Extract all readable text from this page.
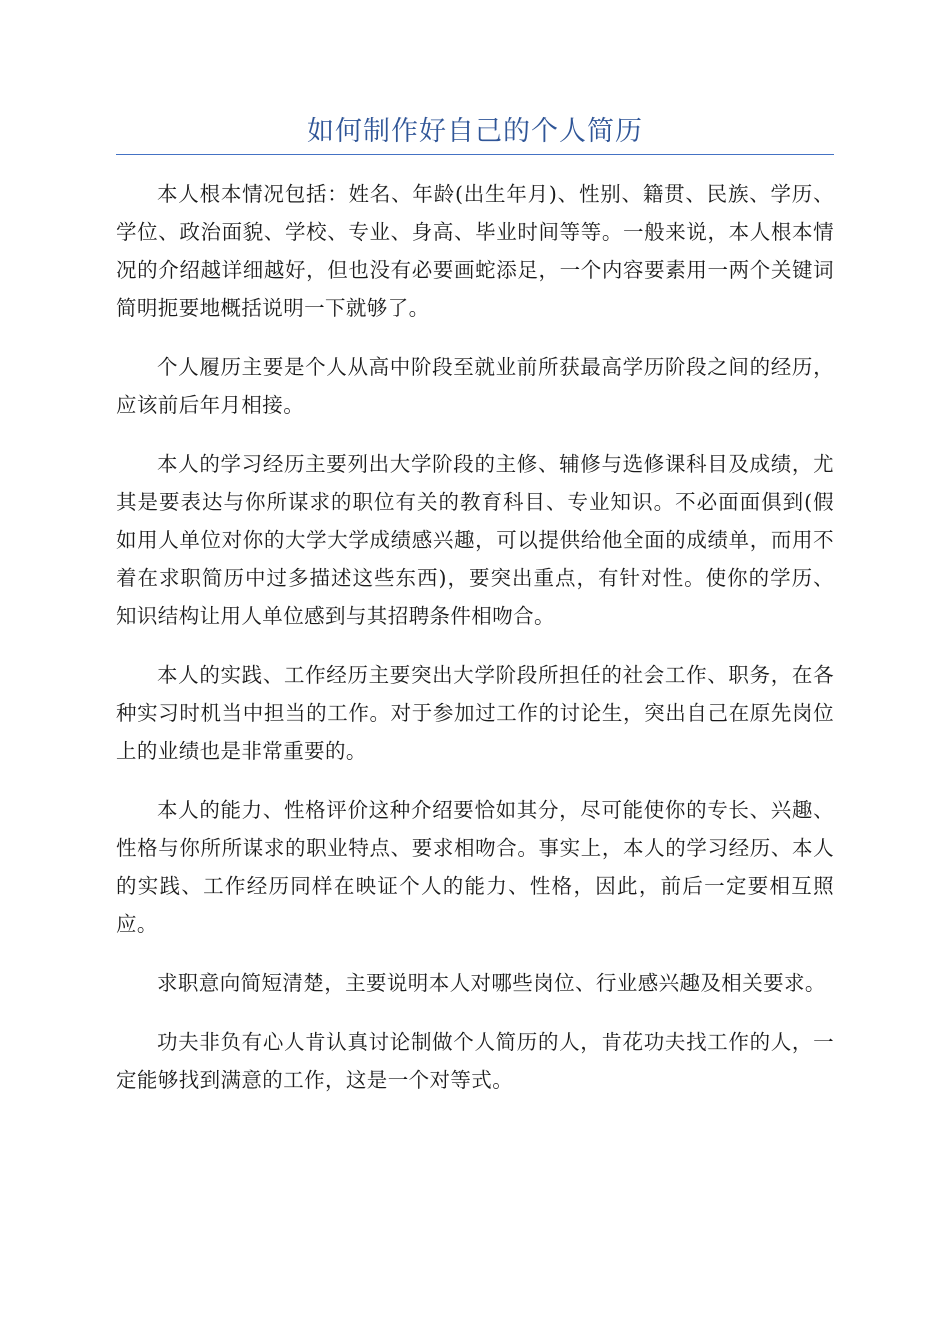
如何制作好自己的个人简历

本人根本情况包括：姓名、年龄(出生年月)、性别、籍贯、民族、学历、学位、政治面貌、学校、专业、身高、毕业时间等等。一般来说，本人根本情况的介绍越详细越好，但也没有必要画蛇添足，一个内容要素用一两个关键词简明扼要地概括说明一下就够了。

个人履历主要是个人从高中阶段至就业前所获最高学历阶段之间的经历，应该前后年月相接。

本人的学习经历主要列出大学阶段的主修、辅修与选修课科目及成绩，尤其是要表达与你所谋求的职位有关的教育科目、专业知识。不必面面俱到(假如用人单位对你的大学大学成绩感兴趣，可以提供给他全面的成绩单，而用不着在求职简历中过多描述这些东西)，要突出重点，有针对性。使你的学历、知识结构让用人单位感到与其招聘条件相吻合。

本人的实践、工作经历主要突出大学阶段所担任的社会工作、职务，在各种实习时机当中担当的工作。对于参加过工作的讨论生，突出自己在原先岗位上的业绩也是非常重要的。

本人的能力、性格评价这种介绍要恰如其分，尽可能使你的专长、兴趣、性格与你所所谋求的职业特点、要求相吻合。事实上，本人的学习经历、本人的实践、工作经历同样在映证个人的能力、性格，因此，前后一定要相互照应。

求职意向简短清楚，主要说明本人对哪些岗位、行业感兴趣及相关要求。

功夫非负有心人肯认真讨论制做个人简历的人，肯花功夫找工作的人，一定能够找到满意的工作，这是一个对等式。
